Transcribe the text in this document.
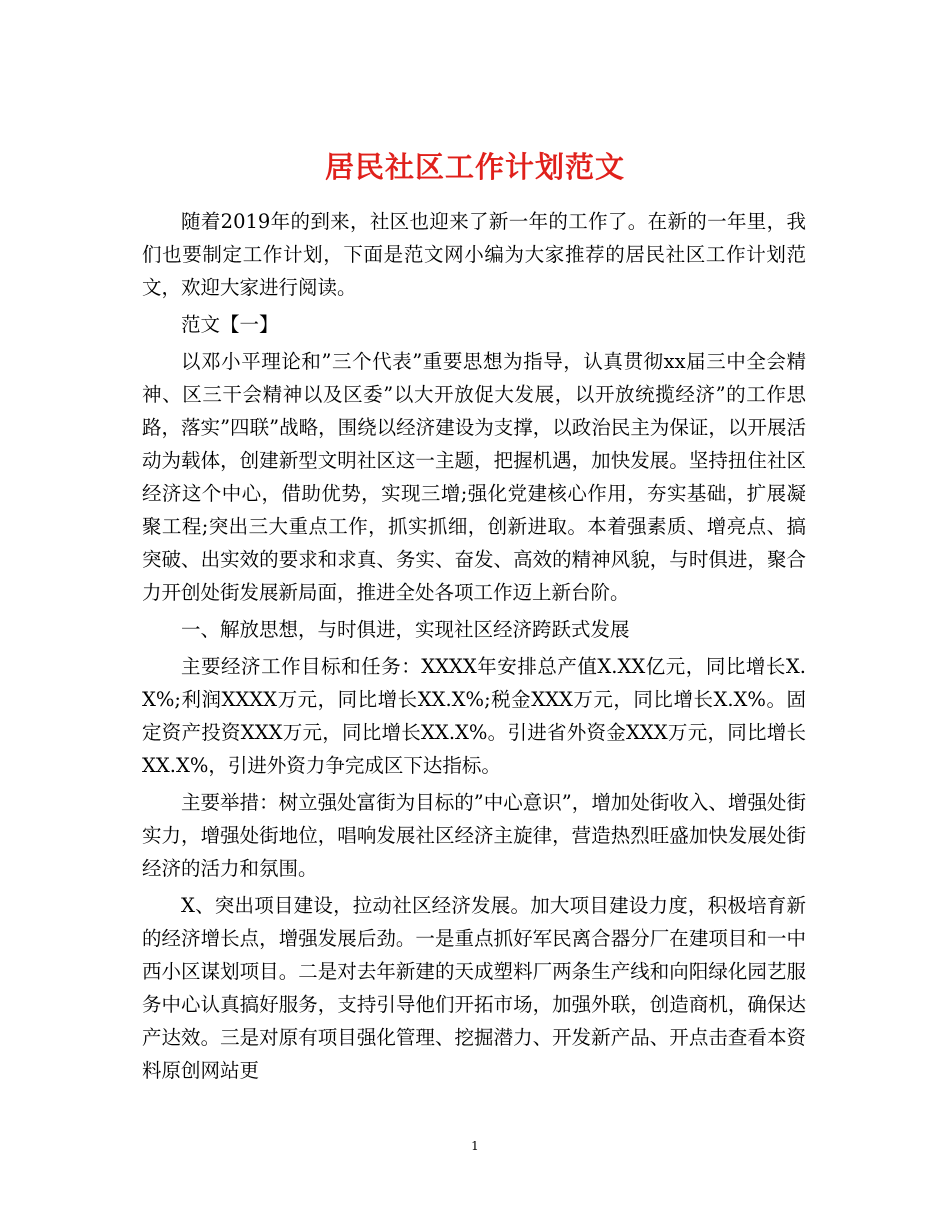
居民社区工作计划范文

随着2019年的到来，社区也迎来了新一年的工作了。在新的一年里，我们也要制定工作计划，下面是范文网小编为大家推荐的居民社区工作计划范文，欢迎大家进行阅读。

范文【一】

以邓小平理论和”三个代表”重要思想为指导，认真贯彻xx届三中全会精神、区三干会精神以及区委”以大开放促大发展，以开放统揽经济”的工作思路，落实”四联”战略，围绕以经济建设为支撑，以政治民主为保证，以开展活动为载体，创建新型文明社区这一主题，把握机遇，加快发展。坚持扭住社区经济这个中心，借助优势，实现三增;强化党建核心作用，夯实基础，扩展凝聚工程;突出三大重点工作，抓实抓细，创新进取。本着强素质、增亮点、搞突破、出实效的要求和求真、务实、奋发、高效的精神风貌，与时俱进，聚合力开创处街发展新局面，推进全处各项工作迈上新台阶。

一、解放思想，与时俱进，实现社区经济跨跃式发展

主要经济工作目标和任务：XXXX年安排总产值X.XX亿元，同比增长X.X%;利润XXXX万元，同比增长XX.X%;税金XXX万元，同比增长X.X%。固定资产投资XXX万元，同比增长XX.X%。引进省外资金XXX万元，同比增长XX.X%，引进外资力争完成区下达指标。

主要举措：树立强处富街为目标的”中心意识”，增加处街收入、增强处街实力，增强处街地位，唱响发展社区经济主旋律，营造热烈旺盛加快发展处街经济的活力和氛围。

X、突出项目建设，拉动社区经济发展。加大项目建设力度，积极培育新的经济增长点，增强发展后劲。一是重点抓好军民离合器分厂在建项目和一中西小区谋划项目。二是对去年新建的天成塑料厂两条生产线和向阳绿化园艺服务中心认真搞好服务，支持引导他们开拓市场，加强外联，创造商机，确保达产达效。三是对原有项目强化管理、挖掘潜力、开发新产品、开点击查看本资料原创网站更

1
